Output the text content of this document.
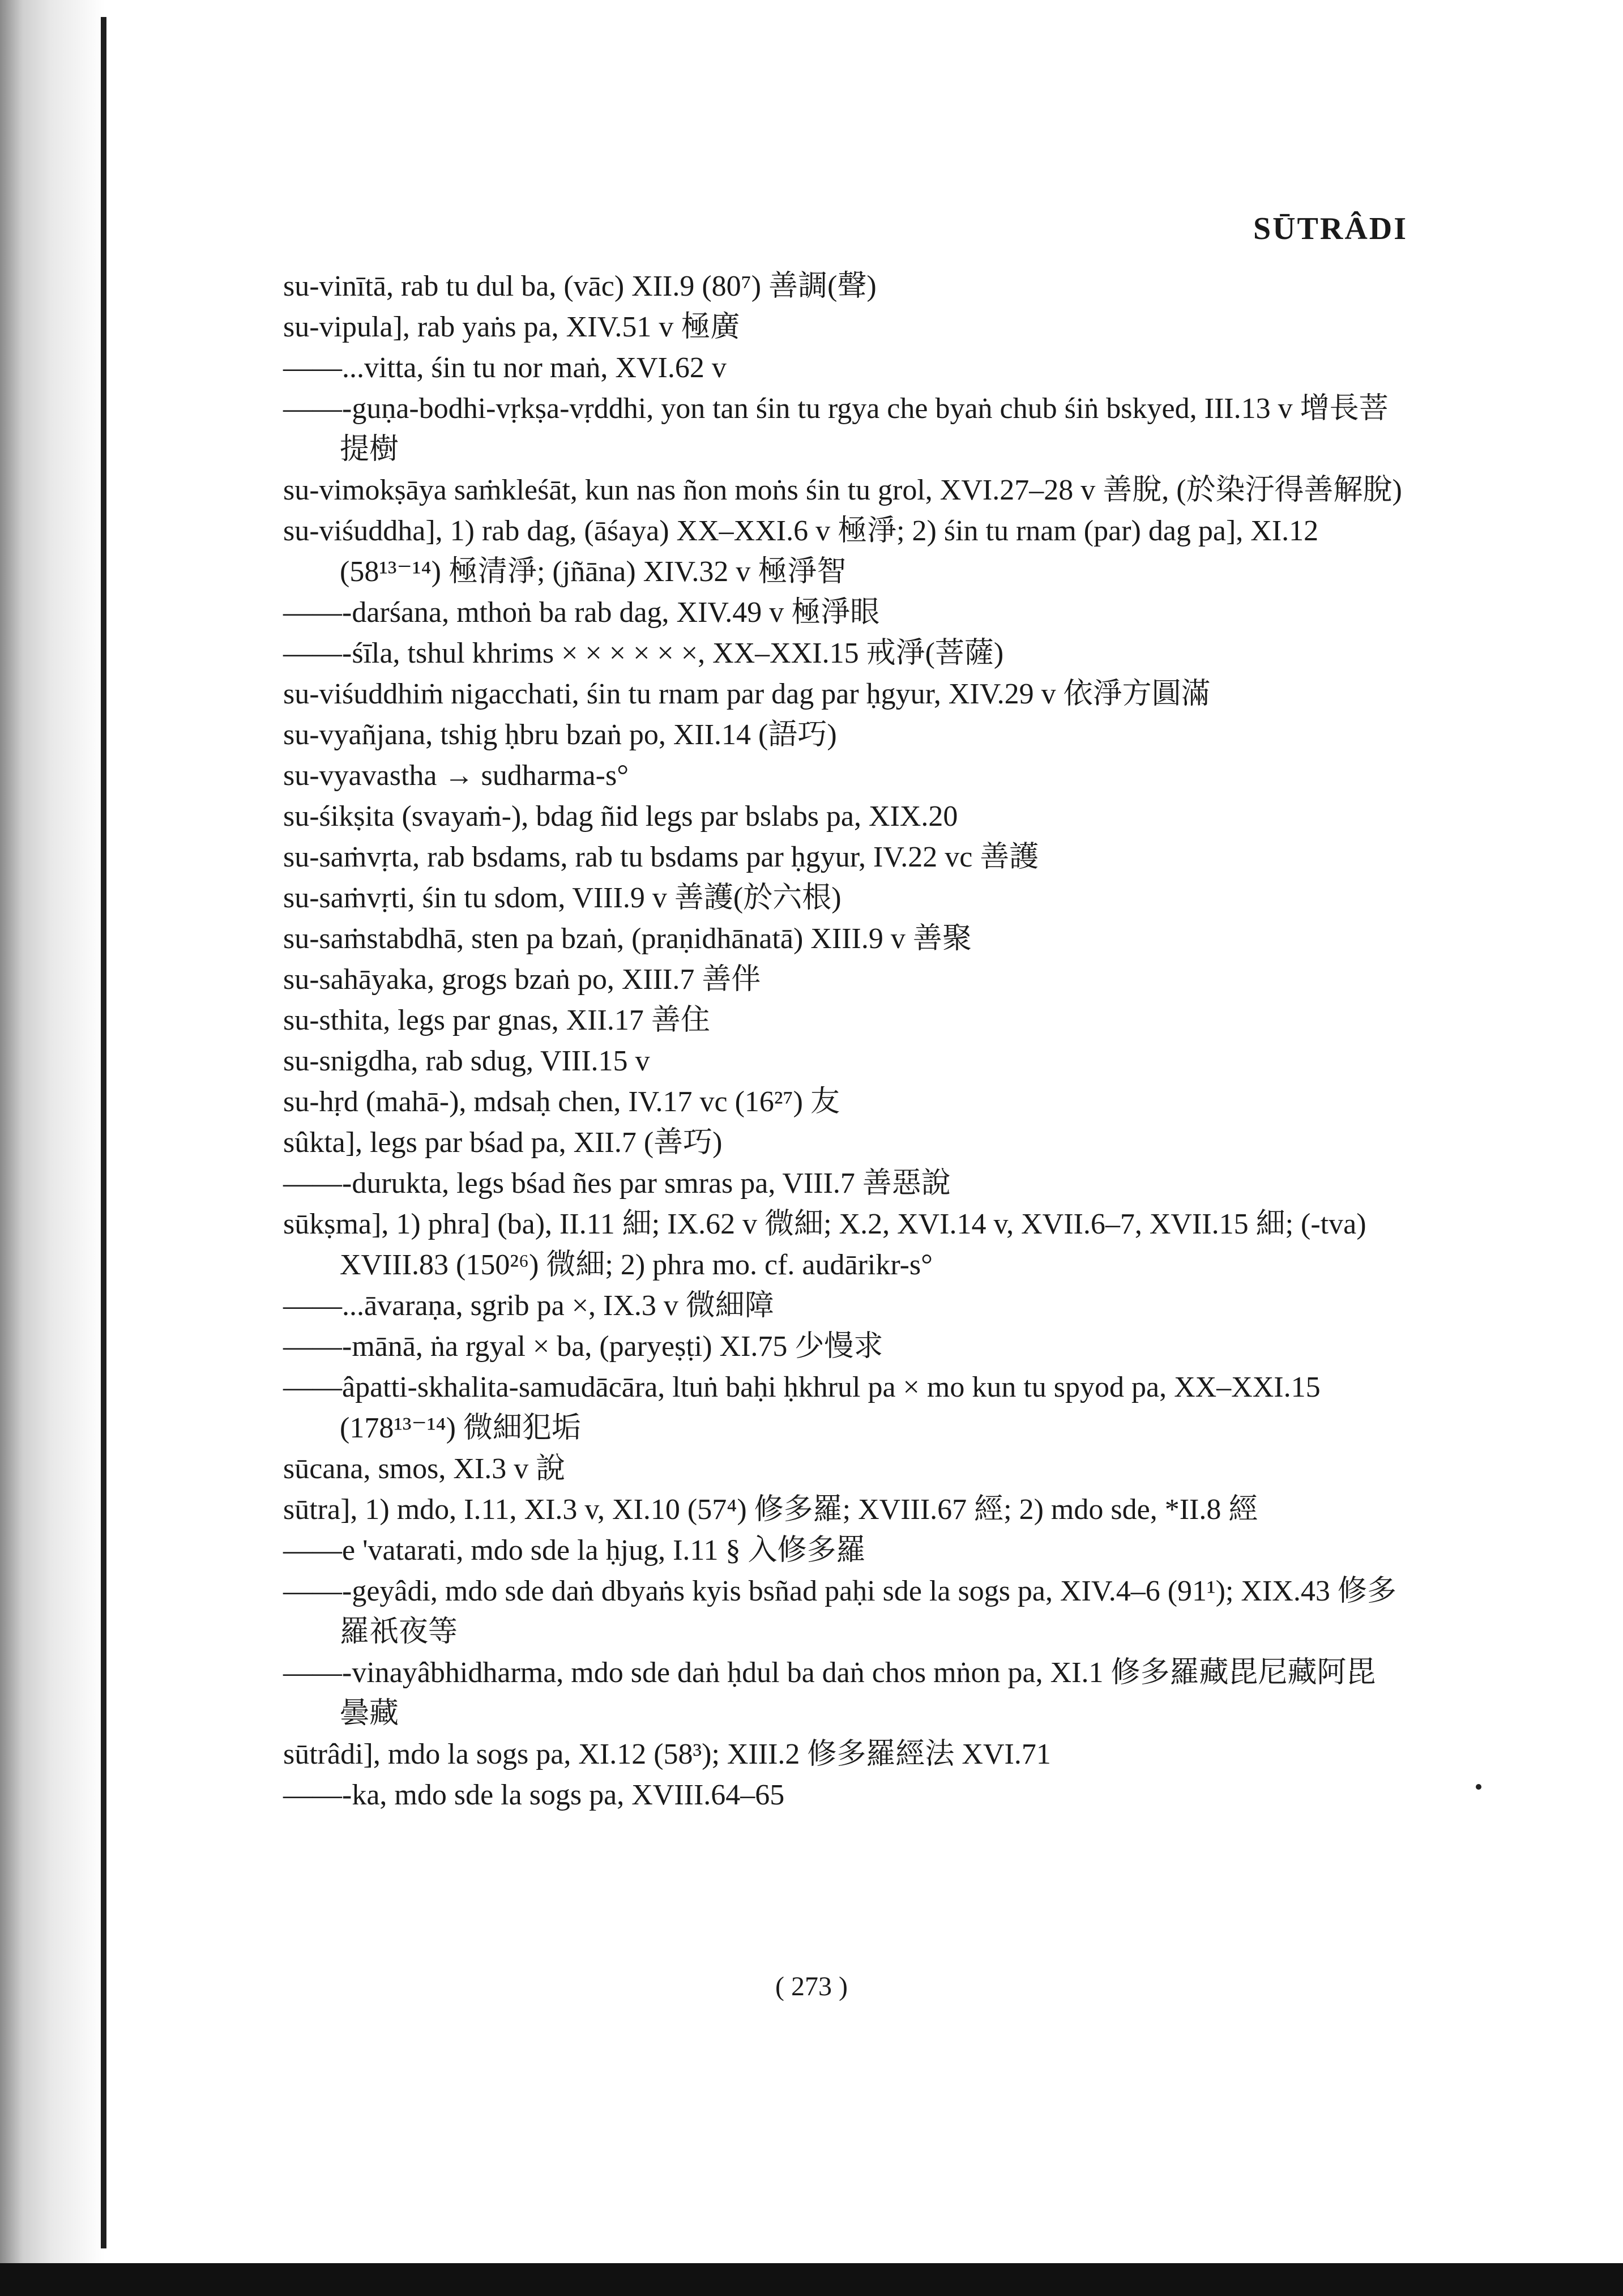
SŪTRÂDI
su-vinītā, rab tu dul ba, (vāc) XII.9 (80⁷) 善調(聲)
su-vipula], rab yaṅs pa, XIV.51 v 極廣
——...vitta, śin tu nor maṅ, XVI.62 v
——-guṇa-bodhi-vṛkṣa-vṛddhi, yon tan śin tu rgya che byaṅ chub śiṅ bskyed, III.13 v 增長菩提樹
su-vimokṣāya saṁkleśāt, kun nas ñon moṅs śin tu grol, XVI.27–28 v 善脫, (於染汙得善解脫)
su-viśuddha], 1) rab dag, (āśaya) XX–XXI.6 v 極淨; 2) śin tu rnam (par) dag pa], XI.12 (58¹³⁻¹⁴) 極清淨; (jñāna) XIV.32 v 極淨智
——-darśana, mthoṅ ba rab dag, XIV.49 v 極淨眼
——-śīla, tshul khrims × × × × × ×, XX–XXI.15 戒淨(菩薩)
su-viśuddhiṁ nigacchati, śin tu rnam par dag par ḥgyur, XIV.29 v 依淨方圓滿
su-vyañjana, tshig ḥbru bzaṅ po, XII.14 (語巧)
su-vyavastha → sudharma-s°
su-śikṣita (svayaṁ-), bdag ñid legs par bslabs pa, XIX.20
su-saṁvṛta, rab bsdams, rab tu bsdams par ḥgyur, IV.22 vc 善護
su-saṁvṛti, śin tu sdom, VIII.9 v 善護(於六根)
su-saṁstabdhā, sten pa bzaṅ, (praṇidhānatā) XIII.9 v 善聚
su-sahāyaka, grogs bzaṅ po, XIII.7 善伴
su-sthita, legs par gnas, XII.17 善住
su-snigdha, rab sdug, VIII.15 v
su-hṛd (mahā-), mdsaḥ chen, IV.17 vc (16²⁷) 友
sûkta], legs par bśad pa, XII.7 (善巧)
——-durukta, legs bśad ñes par smras pa, VIII.7 善惡說
sūkṣma], 1) phra] (ba), II.11 細; IX.62 v 微細; X.2, XVI.14 v, XVII.6–7, XVII.15 細; (-tva) XVIII.83 (150²⁶) 微細; 2) phra mo. cf. audārikr-s°
——...āvaraṇa, sgrib pa ×, IX.3 v 微細障
——-mānā, ṅa rgyal × ba, (paryeṣṭi) XI.75 少慢求
——âpatti-skhalita-samudācāra, ltuṅ baḥi ḥkhrul pa × mo kun tu spyod pa, XX–XXI.15 (178¹³⁻¹⁴) 微細犯垢
sūcana, smos, XI.3 v 說
sūtra], 1) mdo, I.11, XI.3 v, XI.10 (57⁴) 修多羅; XVIII.67 經; 2) mdo sde, *II.8 經
——e 'vatarati, mdo sde la ḥjug, I.11 § 入修多羅
——-geyâdi, mdo sde daṅ dbyaṅs kyis bsñad paḥi sde la sogs pa, XIV.4–6 (91¹); XIX.43 修多羅祇夜等
——-vinayâbhidharma, mdo sde daṅ ḥdul ba daṅ chos mṅon pa, XI.1 修多羅藏毘尼藏阿毘曇藏
sūtrâdi], mdo la sogs pa, XI.12 (58³); XIII.2 修多羅經法 XVI.71
——-ka, mdo sde la sogs pa, XVIII.64–65
( 273 )
